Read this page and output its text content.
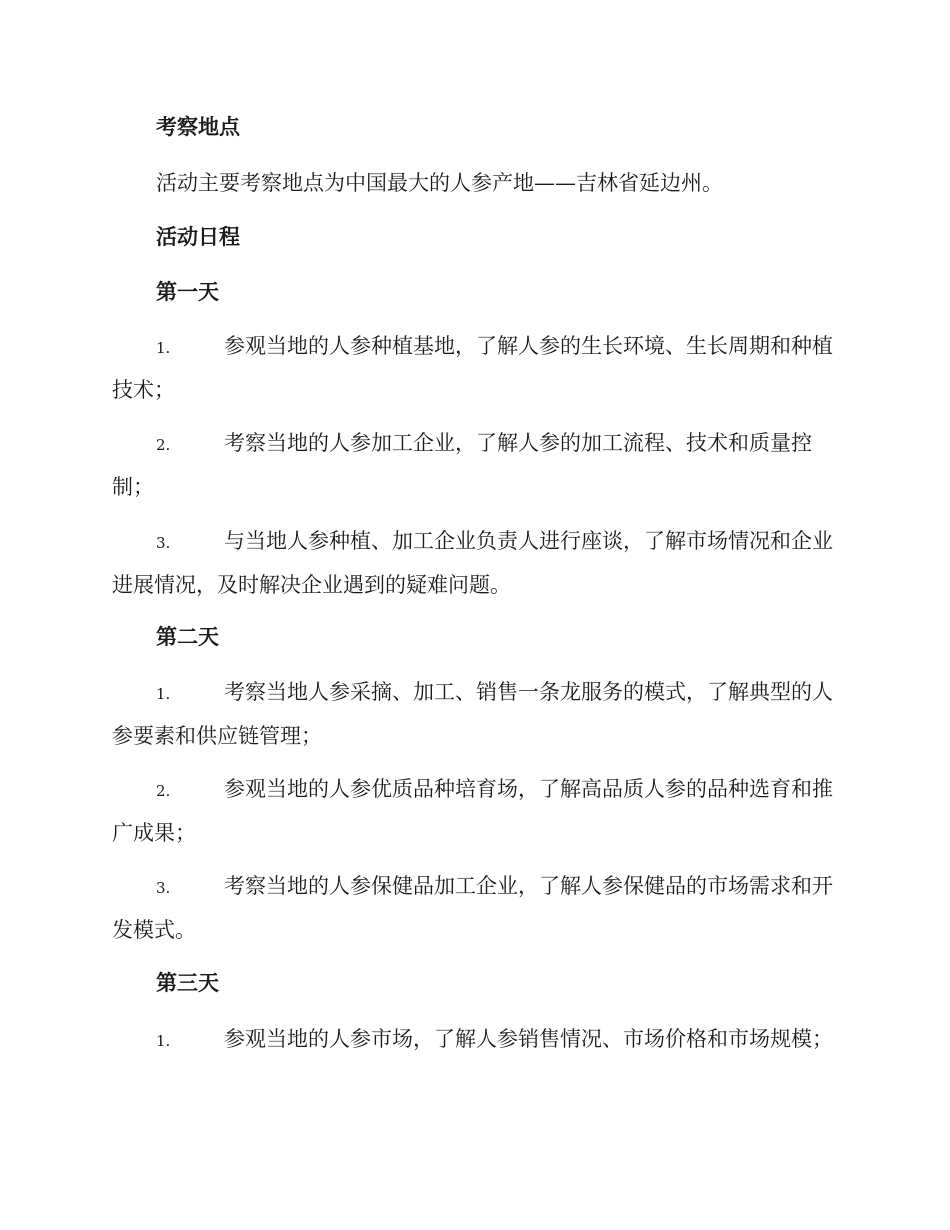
考察地点
活动主要考察地点为中国最大的人参产地——吉林省延边州。
活动日程
第一天
1.	参观当地的人参种植基地，了解人参的生长环境、生长周期和种植技术；
2.	考察当地的人参加工企业，了解人参的加工流程、技术和质量控制；
3.	与当地人参种植、加工企业负责人进行座谈，了解市场情况和企业进展情况，及时解决企业遇到的疑难问题。
第二天
1.	考察当地人参采摘、加工、销售一条龙服务的模式，了解典型的人参要素和供应链管理；
2.	参观当地的人参优质品种培育场，了解高品质人参的品种选育和推广成果；
3.	考察当地的人参保健品加工企业，了解人参保健品的市场需求和开发模式。
第三天
1.	参观当地的人参市场，了解人参销售情况、市场价格和市场规模；
